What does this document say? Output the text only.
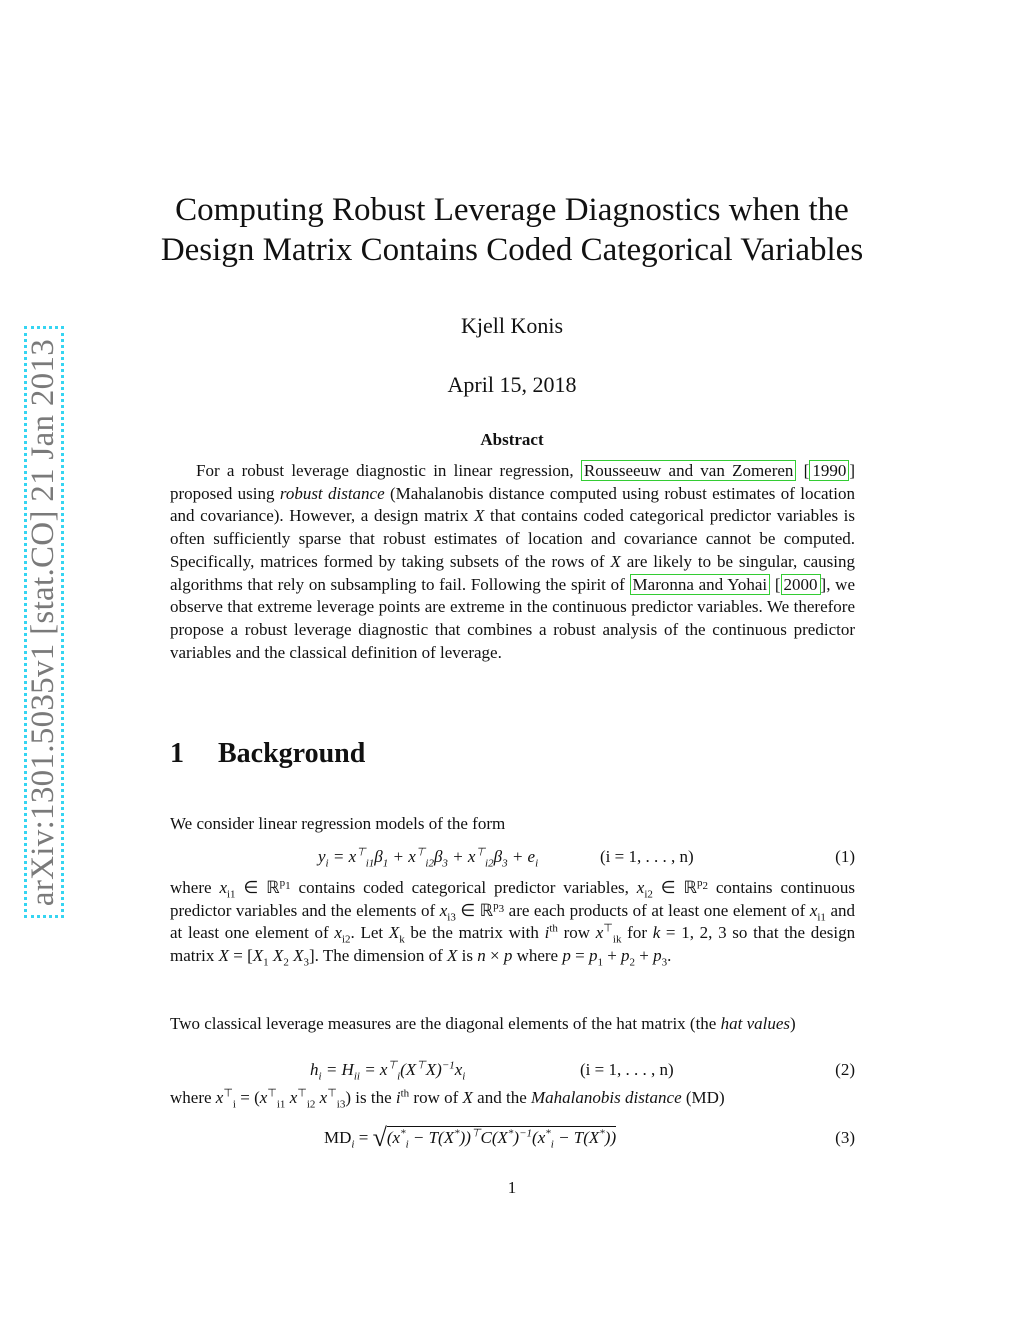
arXiv:1301.5035v1 [stat.CO] 21 Jan 2013
Computing Robust Leverage Diagnostics when the
Design Matrix Contains Coded Categorical Variables
Kjell Konis
April 15, 2018
Abstract
For a robust leverage diagnostic in linear regression, Rousseeuw and van Zomeren [ 1990 ] proposed using robust distance (Mahalanobis distance computed using robust estimates of location and covariance). However, a design matrix X that contains coded categorical predictor variables is often sufficiently sparse that robust estimates of location and covariance cannot be computed. Specifically, matrices formed by taking subsets of the rows of X are likely to be singular, causing algorithms that rely on subsampling to fail. Following the spirit of Maronna and Yohai [ 2000 ], we observe that extreme leverage points are extreme in the continuous predictor variables. We therefore propose a robust leverage diagnostic that combines a robust analysis of the continuous predictor variables and the classical definition of leverage.
1 Background
We consider linear regression models of the form
$y_i = x^⊤_{i1}\beta_1 + x^⊤_{i2}\beta_3 + x^⊤_{i2}\beta_3 + e_i$	(i = 1, . . . , n)	(1)
where $x_{i1}$ ∈ ℝ$^{p_1}$ contains coded categorical predictor variables, $x_{i2}$ ∈ ℝ$^{p_2}$ contains continuous predictor variables and the elements of $x_{i3}$ ∈ ℝ$^{p_3}$ are each products of at least one element of $x_{i1}$ and at least one element of $x_{i2}$. Let $X_k$ be the matrix with $i^{th}$ row $x^⊤_{ik}$ for k = 1, 2, 3 so that the design matrix $X = [X_1$ $X_2$ $X_3$]. The dimension of X is n × p where $p = p_1 + p_2 + p_3$.
Two classical leverage measures are the diagonal elements of the hat matrix (the hat values)
$h_i = H_{ii} = x^⊤_i(X^⊤X)^{-1}x_i$	(i = 1, . . . , n)	(2)
where $x^⊤_i = (x^⊤_{i1}$ $x^⊤_{i2}$ $x^⊤_{i3}$) is the $i^{th}$ row of X and the Mahalanobis distance (MD)
$MD_i = √(x^*_i - T(X^*))^⊤C(X^*)^{-1}(x^*_i - T(X^*))$	(3)
1
